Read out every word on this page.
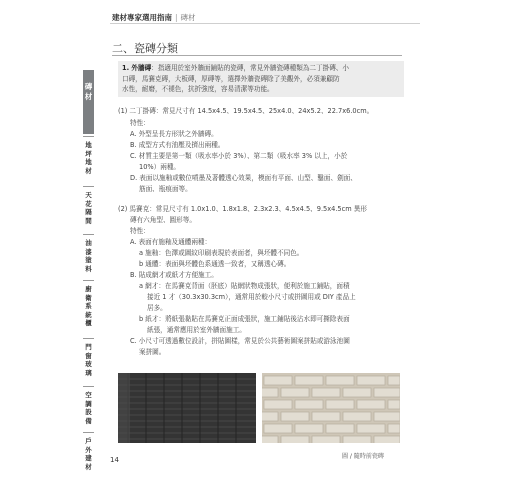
建材專家選用指南 | 磚材
磚材
地坪地材
天花隔間
油漆塗料
廚衛系統櫃
門窗玻璃
空調設備
戶外建材
二、瓷磚分類
1. 外牆磚：指適用於室外牆面鋪貼的瓷磚，常見外牆瓷磚種類為二丁掛磚、小
口磚，馬賽克磚，大板磚，厚磚等，選擇外牆瓷磚除了美觀外，必須兼顧防
水性，耐磨，不褪色，抗折強度，容易清潔等功能。
(1) 二丁掛磚：常見尺寸有 14.5x4.5、19.5x4.5、25x4.0、24x5.2、22.7x6.0cm。
特性：
A. 外型呈長方形狀之外牆磚。
B. 成型方式有油壓及擠出兩種。
C. 材質主要是第一類（吸水率小於 3%）、第二類（吸水率 3% 以上，小於
10%）兩種。
D. 表面以施釉或數位噴墨及著體透心效果，模面有平面、山型、鑿面、劍面、
筋面、瓶痕面等。
(2) 馬賽克：常見尺寸有 1.0x1.0、1.8x1.8、2.3x2.3、4.5x4.5、9.5x4.5cm 異形
磚有六角型、圓形等。
特性：
A. 表面有施釉及通體兩種：
a 施釉：色澤或圖紋印刷表現於表面者，與坯體不同色。
b 通體：表面與坯體色系通透一致者，又稱透心磚。
B. 貼成網才或紙才方便施工。
a 網才：在馬賽克背面（胚底）貼網狀物成張狀，便利於施工鋪貼，面積
接近 1 才（30.3x30.3cm），通常用於較小尺寸或拼圖用或 DIY 產品上
居多。
b 紙才：將紙張黏貼在馬賽克正面成張狀，施工鋪貼後沾水即可撕除表面
紙張，通常應用於室外牆面施工。
C. 小尺寸可透過數位設計，拼貼圖樣，常見於公共藝術圖案拼貼或游泳池圖
案拼圖。
圖 / 隨時前瓷磚
14
